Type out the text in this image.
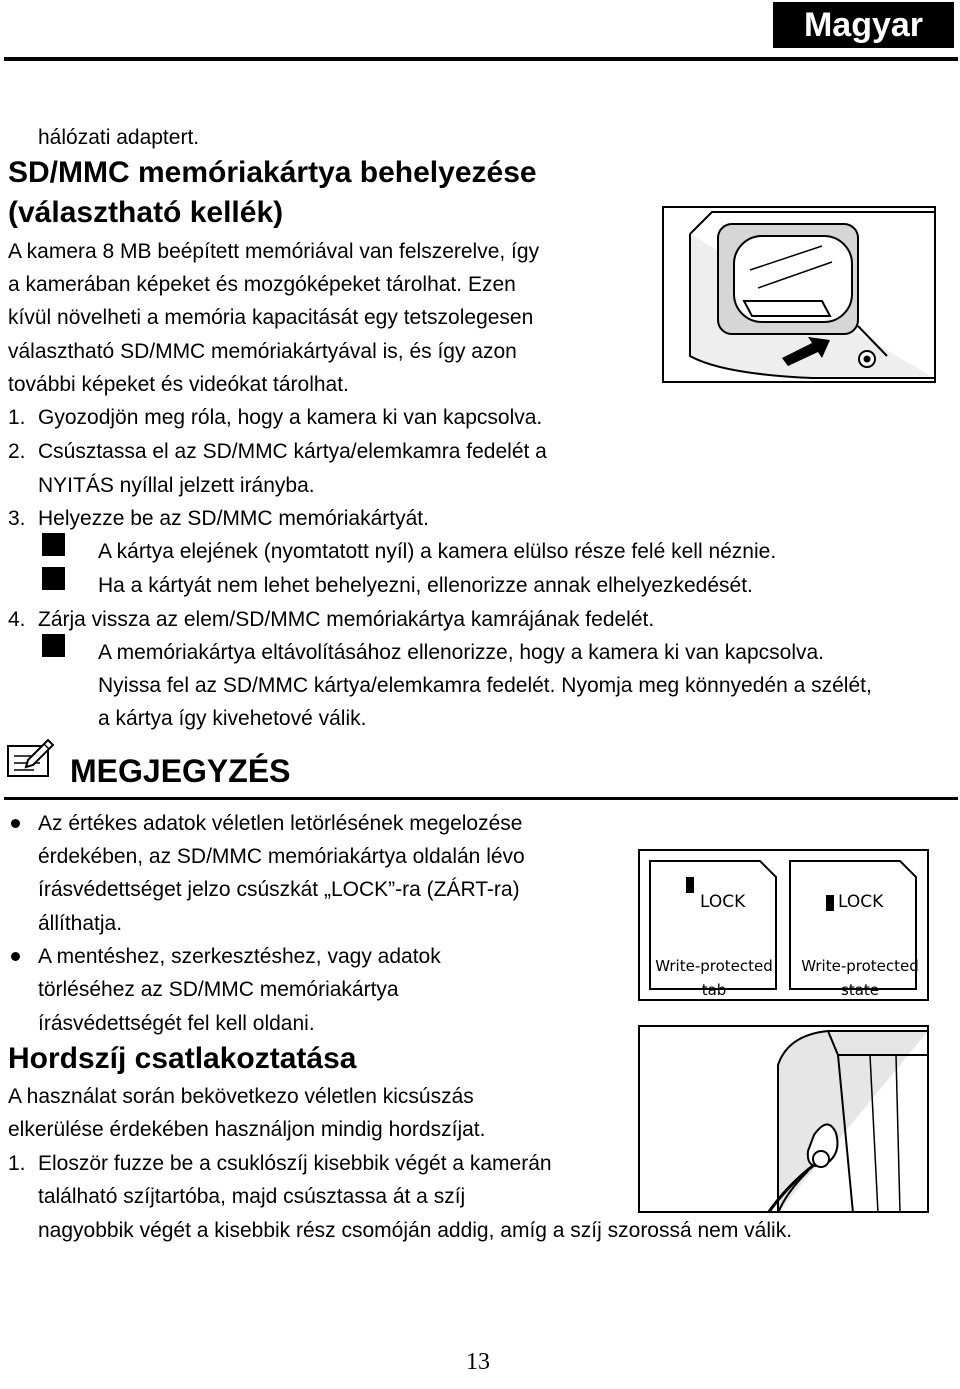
Magyar
hálózati adaptert.
SD/MMC memóriakártya behelyezése
(választható kellék)
A kamera 8 MB beépített memóriával van felszerelve, így
a kamerában képeket és mozgóképeket tárolhat. Ezen
kívül növelheti a memória kapacitását egy tetszolegesen
választható SD/MMC memóriakártyával is, és így azon
további képeket és videókat tárolhat.
1. Gyozodjön meg róla, hogy a kamera ki van kapcsolva.
2. Csúsztassa el az SD/MMC kártya/elemkamra fedelét a
NYITÁS nyíllal jelzett irányba.
3. Helyezze be az SD/MMC memóriakártyát.
A kártya elejének (nyomtatott nyíl) a kamera elülso része felé kell néznie.
Ha a kártyát nem lehet behelyezni, ellenorizze annak elhelyezkedését.
4. Zárja vissza az elem/SD/MMC memóriakártya kamrájának fedelét.
A memóriakártya eltávolításához ellenorizze, hogy a kamera ki van kapcsolva.
Nyissa fel az SD/MMC kártya/elemkamra fedelét. Nyomja meg könnyedén a szélét,
a kártya így kivehetové válik.
MEGJEGYZÉS
Az értékes adatok véletlen letörlésének megelozése
érdekében, az SD/MMC memóriakártya oldalán lévo
írásvédettséget jelzo csúszkát „LOCK”-ra (ZÁRT-ra)
állíthatja.
A mentéshez, szerkesztéshez, vagy adatok
törléséhez az SD/MMC memóriakártya
írásvédettségét fel kell oldani.
LOCK
Write-protected
tab
LOCK
Write-protected
state
Hordszíj csatlakoztatása
A használat során bekövetkezo véletlen kicsúszás
elkerülése érdekében használjon mindig hordszíjat.
1. Eloször fuzze be a csuklószíj kisebbik végét a kamerán
található szíjtartóba, majd csúsztassa át a szíj
nagyobbik végét a kisebbik rész csomóján addig, amíg a szíj szorossá nem válik.
13
